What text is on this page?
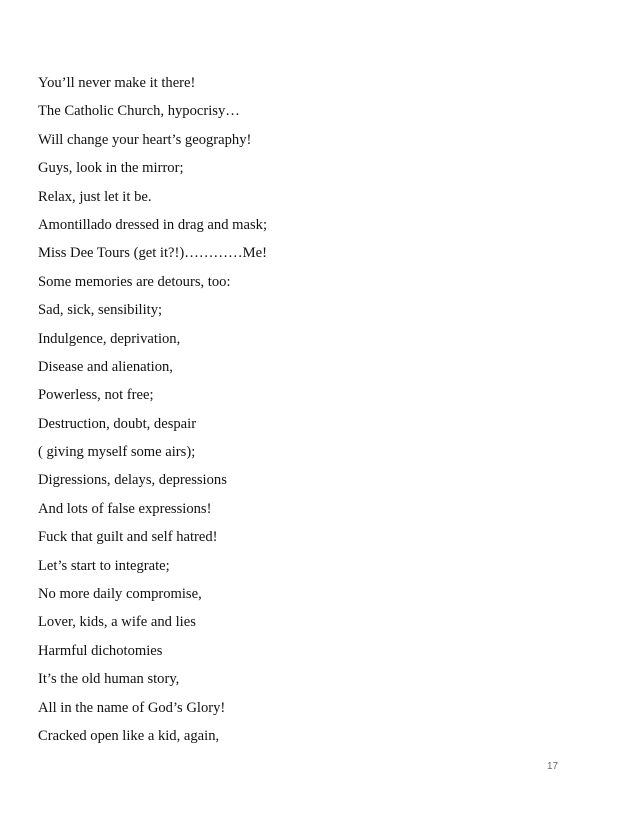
You’ll never make it there!
The Catholic Church, hypocrisy…
Will change your heart’s geography!
Guys, look in the mirror;
Relax, just let it be.
Amontillado dressed in drag and mask;
Miss Dee Tours (get it?!)…………Me!
Some memories are detours, too:
Sad, sick, sensibility;
Indulgence, deprivation,
Disease and alienation,
Powerless, not free;
Destruction, doubt, despair
( giving myself some airs);
Digressions, delays, depressions
And lots of false expressions!
Fuck that guilt and self hatred!
Let’s start to integrate;
No more daily compromise,
Lover, kids, a wife and lies
Harmful dichotomies
It’s the old human story,
All in the name of God’s Glory!
Cracked open like a kid, again,
17
